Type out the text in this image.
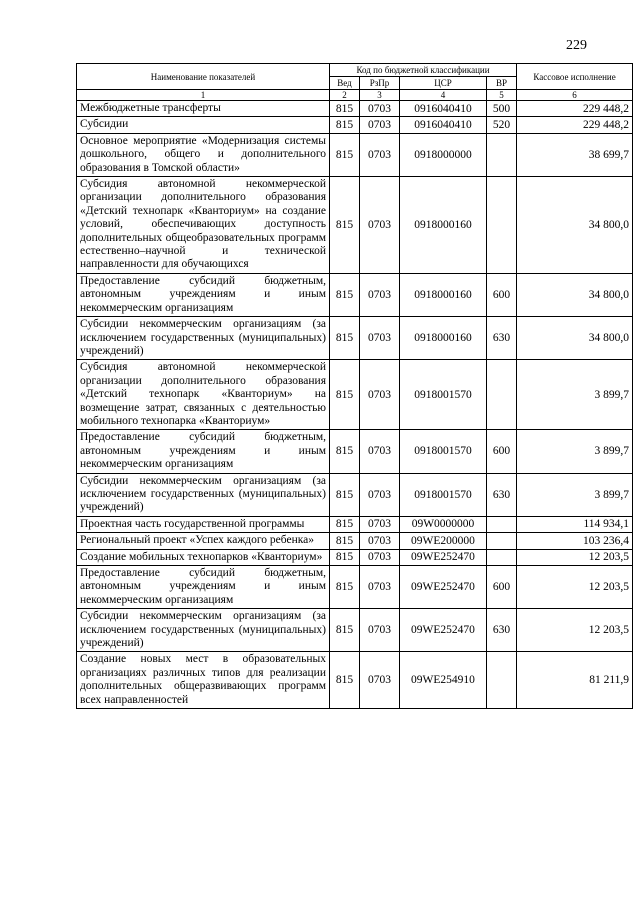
229
Наименование показателей	Код по бюджетной классификации				Кассовое исполнение
	Вед	РзПр	ЦСР	ВР	
1	2	3	4	5	6
Межбюджетные трансферты	815	0703	0916040410	500	229 448,2
Субсидии	815	0703	0916040410	520	229 448,2
Основное мероприятие «Модернизация системы дошкольного, общего и дополнительного образования в Томской области»	815	0703	0918000000		38 699,7
Субсидия автономной некоммерческой организации дополнительного образования «Детский технопарк «Кванториум» на создание условий, обеспечивающих доступность дополнительных общеобразовательных программ естественно–научной и технической направленности для обучающихся	815	0703	0918000160		34 800,0
Предоставление субсидий бюджетным, автономным учреждениям и иным некоммерческим организациям	815	0703	0918000160	600	34 800,0
Субсидии некоммерческим организациям (за исключением государственных (муниципальных) учреждений)	815	0703	0918000160	630	34 800,0
Субсидия автономной некоммерческой организации дополнительного образования «Детский технопарк «Кванториум» на возмещение затрат, связанных с деятельностью мобильного технопарка «Кванториум»	815	0703	0918001570		3 899,7
Предоставление субсидий бюджетным, автономным учреждениям и иным некоммерческим организациям	815	0703	0918001570	600	3 899,7
Субсидии некоммерческим организациям (за исключением государственных (муниципальных) учреждений)	815	0703	0918001570	630	3 899,7
Проектная часть государственной программы	815	0703	09W0000000		114 934,1
Региональный проект «Успех каждого ребенка»	815	0703	09WE200000		103 236,4
Создание мобильных технопарков «Кванториум»	815	0703	09WE252470		12 203,5
Предоставление субсидий бюджетным, автономным учреждениям и иным некоммерческим организациям	815	0703	09WE252470	600	12 203,5
Субсидии некоммерческим организациям (за исключением государственных (муниципальных) учреждений)	815	0703	09WE252470	630	12 203,5
Создание новых мест в образовательных организациях различных типов для реализации дополнительных общеразвивающих программ всех направленностей	815	0703	09WE254910		81 211,9
